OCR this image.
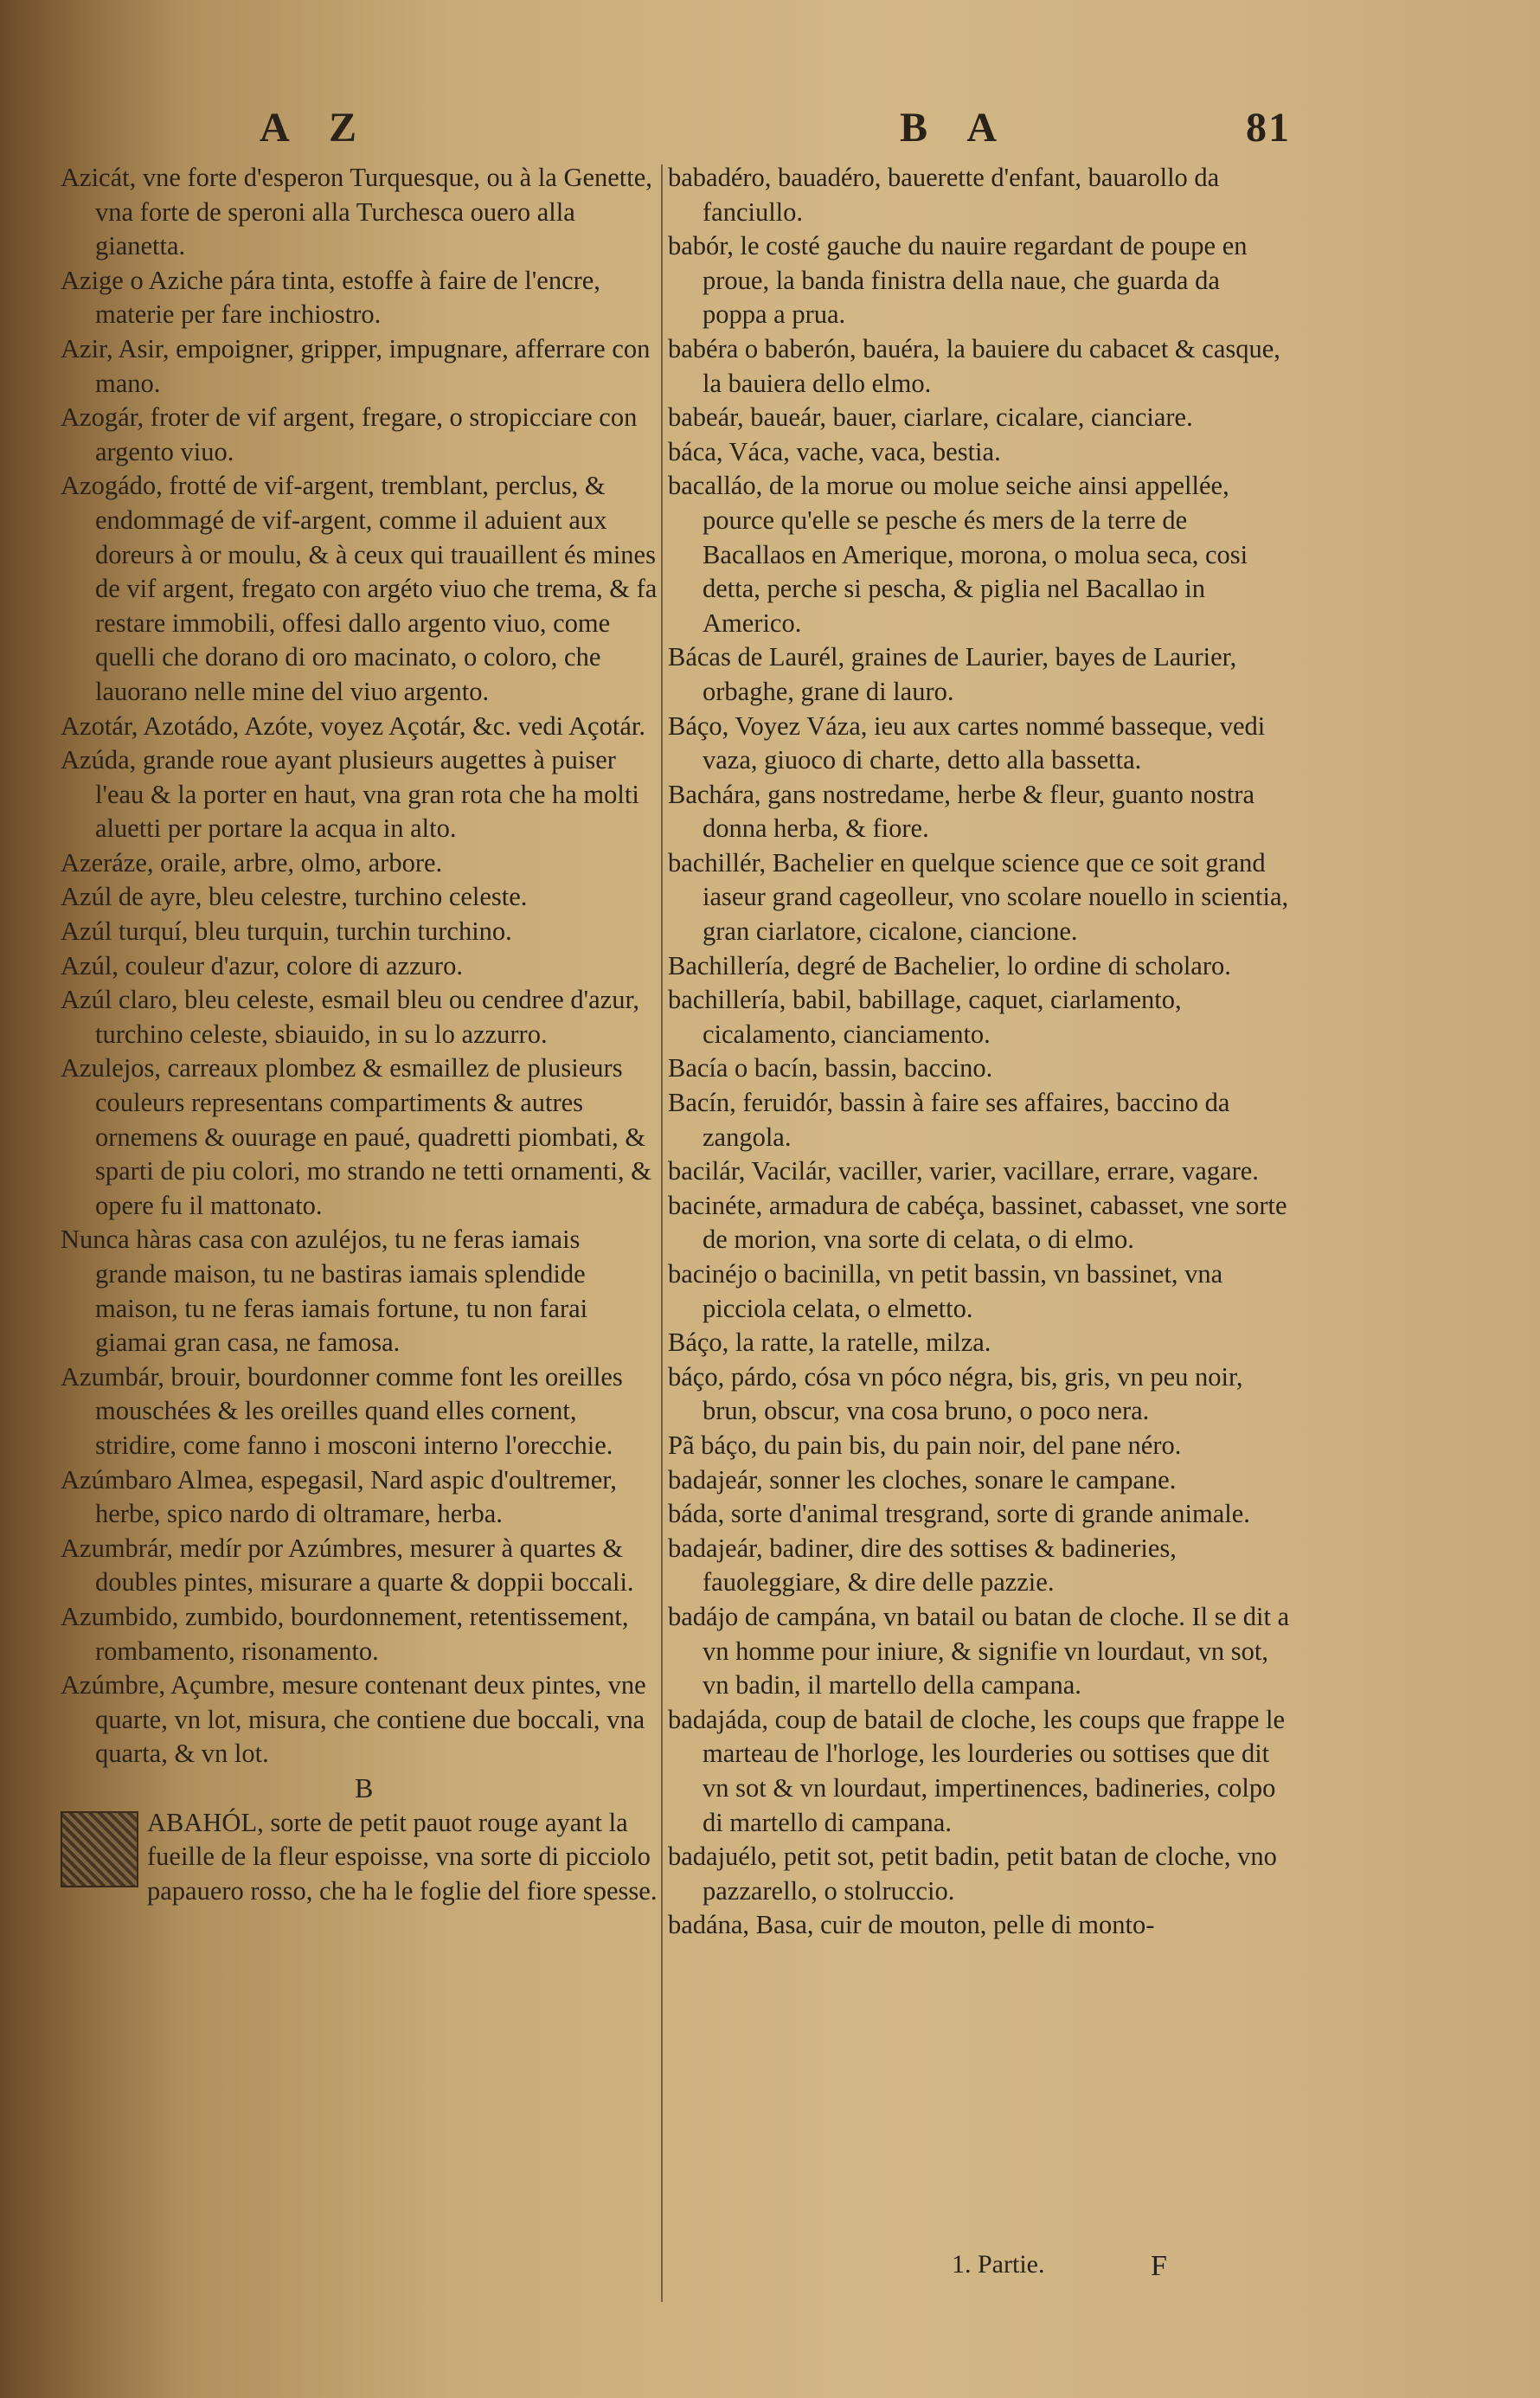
A Z	B A	81

Azicát, vne forte d'esperon Turquesque, ou à la Genette, vna forte de speroni alla Turchesca ouero alla gianetta.

Azige o Aziche pára tinta, estoffe à faire de l'encre, materie per fare inchiostro.

Azir, Asir, empoigner, gripper, impugnare, afferrare con mano.

Azogár, froter de vif argent, fregare, o stropicciare con argento viuo.

Azogádo, frotté de vif-argent, tremblant, perclus, & endommagé de vif-argent, comme il aduient aux doreurs à or moulu, & à ceux qui trauaillent és mines de vif argent, fregato con argéto viuo che trema, & fa restare immobili, offesi dallo argento viuo, come quelli che dorano di oro macinato, o coloro, che lauorano nelle mine del viuo argento.

Azotár, Azotádo, Azóte, voyez Açotár, &c. vedi Açotár.

Azúda, grande roue ayant plusieurs augettes à puiser l'eau & la porter en haut, vna gran rota che ha molti aluetti per portare la acqua in alto.

Azeráze, oraile, arbre, olmo, arbore.

Azúl de ayre, bleu celestre, turchino celeste.

Azúl turquí, bleu turquin, turchin turchino.

Azúl, couleur d'azur, colore di azzuro.

Azúl claro, bleu celeste, esmail bleu ou cendree d'azur, turchino celeste, sbiauido, in su lo azzurro.

Azulejos, carreaux plombez & esmaillez de plusieurs couleurs representans compartiments & autres ornemens & ouurage en paué, quadretti piombati, & sparti de piu colori, mo strando ne tetti ornamenti, & opere fu il mattonato.

Nunca hàras casa con azuléjos, tu ne feras iamais grande maison, tu ne bastiras iamais splendide maison, tu ne feras iamais fortune, tu non farai giamai gran casa, ne famosa.

Azumbár, brouir, bourdonner comme font les oreilles mouschées & les oreilles quand elles cornent, stridire, come fanno i mosconi interno l'orecchie.

Azúmbaro Almea, espegasil, Nard aspic d'oultremer, herbe, spico nardo di oltramare, herba.

Azumbrár, medír por Azúmbres, mesurer à quartes & doubles pintes, misurare a quarte & doppii boccali.

Azumbido, zumbido, bourdonnement, retentissement, rombamento, risonamento.

Azúmbre, Açumbre, mesure contenant deux pintes, vne quarte, vn lot, misura, che contiene due boccali, vna quarta, & vn lot.

B

ABAHÓL, sorte de petit pauot rouge ayant la fueille de la fleur espoisse, vna sorte di picciolo papauero rosso, che ha le foglie del fiore spesse.

babadéro, bauadéro, bauerette d'enfant, bauarollo da fanciullo.

babór, le costé gauche du nauire regardant de poupe en proue, la banda finistra della naue, che guarda da poppa a prua.

babéra o baberón, bauéra, la bauiere du cabacet & casque, la bauiera dello elmo.

babeár, baueár, bauer, ciarlare, cicalare, cianciare.

báca, Váca, vache, vaca, bestia.

bacalláo, de la morue ou molue seiche ainsi appellée, pource qu'elle se pesche és mers de la terre de Bacallaos en Amerique, morona, o molua seca, cosi detta, perche si pescha, & piglia nel Bacallao in Americo.

Bácas de Laurél, graines de Laurier, bayes de Laurier, orbaghe, grane di lauro.

Báço, Voyez Váza, ieu aux cartes nommé basseque, vedi vaza, giuoco di charte, detto alla bassetta.

Bachára, gans nostredame, herbe & fleur, guanto nostra donna herba, & fiore.

bachillér, Bachelier en quelque science que ce soit grand iaseur grand cageolleur, vno scolare nouello in scientia, gran ciarlatore, cicalone, ciancione.

Bachillería, degré de Bachelier, lo ordine di scholaro.

bachillería, babil, babillage, caquet, ciarlamento, cicalamento, cianciamento.

Bacía o bacín, bassin, baccino.

Bacín, feruidór, bassin à faire ses affaires, baccino da zangola.

bacilár, Vacilár, vaciller, varier, vacillare, errare, vagare.

bacinéte, armadura de cabéça, bassinet, cabasset, vne sorte de morion, vna sorte di celata, o di elmo.

bacinéjo o bacinilla, vn petit bassin, vn bassinet, vna picciola celata, o elmetto.

Báço, la ratte, la ratelle, milza.

báço, párdo, cósa vn póco négra, bis, gris, vn peu noir, brun, obscur, vna cosa bruno, o poco nera.

Pã báço, du pain bis, du pain noir, del pane néro.

badajeár, sonner les cloches, sonare le campane.

báda, sorte d'animal tresgrand, sorte di grande animale.

badajeár, badiner, dire des sottises & badineries, fauoleggiare, & dire delle pazzie.

badájo de campána, vn batail ou batan de cloche. Il se dit a vn homme pour iniure, & signifie vn lourdaut, vn sot, vn badin, il martello della campana.

badajáda, coup de batail de cloche, les coups que frappe le marteau de l'horloge, les lourderies ou sottises que dit vn sot & vn lourdaut, impertinences, badineries, colpo di martello di campana.

badajuélo, petit sot, petit badin, petit batan de cloche, vno pazzarello, o stolruccio.

badána, Basa, cuir de mouton, pelle di monto-

1. Partie.	F
